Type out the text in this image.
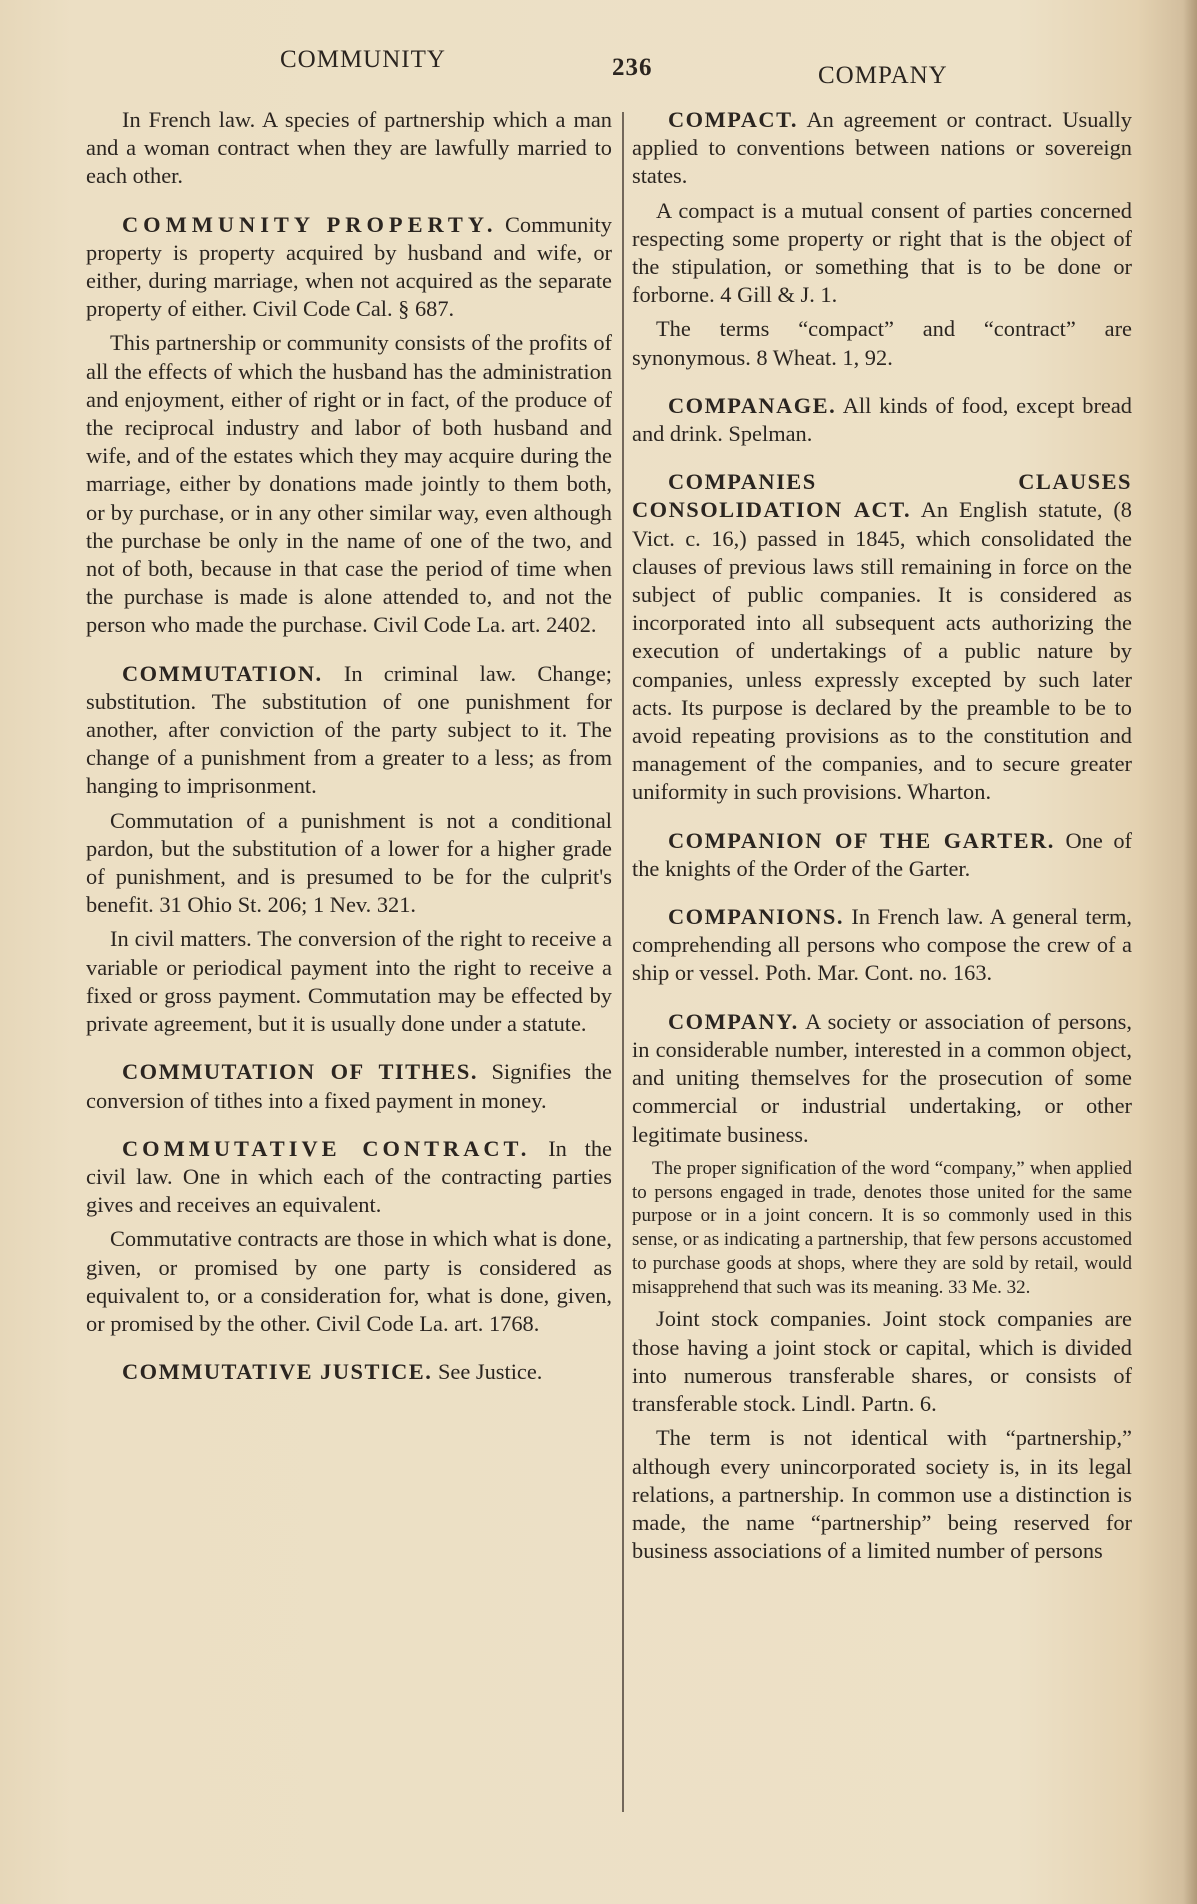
COMMUNITY	236	COMPANY

In French law. A species of partnership which a man and a woman contract when they are lawfully married to each other.

COMMUNITY PROPERTY. Community property is property acquired by husband and wife, or either, during marriage, when not acquired as the separate property of either. Civil Code Cal. § 687.

This partnership or community consists of the profits of all the effects of which the husband has the administration and enjoyment, either of right or in fact, of the produce of the reciprocal industry and labor of both husband and wife, and of the estates which they may acquire during the marriage, either by donations made jointly to them both, or by purchase, or in any other similar way, even although the purchase be only in the name of one of the two, and not of both, because in that case the period of time when the purchase is made is alone attended to, and not the person who made the purchase. Civil Code La. art. 2402.

COMMUTATION. In criminal law. Change; substitution. The substitution of one punishment for another, after conviction of the party subject to it. The change of a punishment from a greater to a less; as from hanging to imprisonment.

Commutation of a punishment is not a conditional pardon, but the substitution of a lower for a higher grade of punishment, and is presumed to be for the culprit's benefit. 31 Ohio St. 206; 1 Nev. 321.

In civil matters. The conversion of the right to receive a variable or periodical payment into the right to receive a fixed or gross payment. Commutation may be effected by private agreement, but it is usually done under a statute.

COMMUTATION OF TITHES. Signifies the conversion of tithes into a fixed payment in money.

COMMUTATIVE CONTRACT. In the civil law. One in which each of the contracting parties gives and receives an equivalent.

Commutative contracts are those in which what is done, given, or promised by one party is considered as equivalent to, or a consideration for, what is done, given, or promised by the other. Civil Code La. art. 1768.

COMMUTATIVE JUSTICE. See Justice.

COMPACT. An agreement or contract. Usually applied to conventions between nations or sovereign states.

A compact is a mutual consent of parties concerned respecting some property or right that is the object of the stipulation, or something that is to be done or forborne. 4 Gill & J. 1.

The terms “compact” and “contract” are synonymous. 8 Wheat. 1, 92.

COMPANAGE. All kinds of food, except bread and drink. Spelman.

COMPANIES CLAUSES CONSOLIDATION ACT. An English statute, (8 Vict. c. 16,) passed in 1845, which consolidated the clauses of previous laws still remaining in force on the subject of public companies. It is considered as incorporated into all subsequent acts authorizing the execution of undertakings of a public nature by companies, unless expressly excepted by such later acts. Its purpose is declared by the preamble to be to avoid repeating provisions as to the constitution and management of the companies, and to secure greater uniformity in such provisions. Wharton.

COMPANION OF THE GARTER. One of the knights of the Order of the Garter.

COMPANIONS. In French law. A general term, comprehending all persons who compose the crew of a ship or vessel. Poth. Mar. Cont. no. 163.

COMPANY. A society or association of persons, in considerable number, interested in a common object, and uniting themselves for the prosecution of some commercial or industrial undertaking, or other legitimate business.

The proper signification of the word “company,” when applied to persons engaged in trade, denotes those united for the same purpose or in a joint concern. It is so commonly used in this sense, or as indicating a partnership, that few persons accustomed to purchase goods at shops, where they are sold by retail, would misapprehend that such was its meaning. 33 Me. 32.

Joint stock companies. Joint stock companies are those having a joint stock or capital, which is divided into numerous transferable shares, or consists of transferable stock. Lindl. Partn. 6.

The term is not identical with “partnership,” although every unincorporated society is, in its legal relations, a partnership. In common use a distinction is made, the name “partnership” being reserved for business associations of a limited number of persons
